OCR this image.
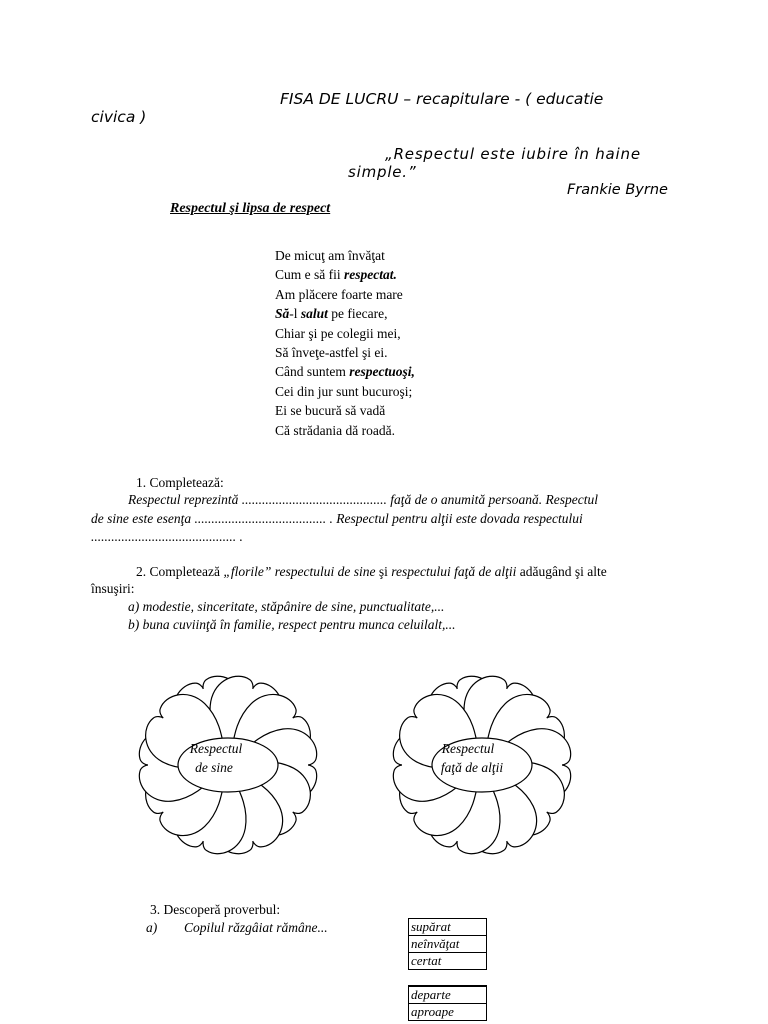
FISA DE LUCRU – recapitulare - ( educatie
civica )
„Respectul este iubire în haine
simple.”
Frankie Byrne
Respectul şi lipsa de respect
De micuţ am învăţat
Cum e să fii respectat.
Am plăcere foarte mare
Să-l salut pe fiecare,
Chiar şi pe colegii mei,
Să înveţe-astfel şi ei.
Când suntem respectuoşi,
Cei din jur sunt bucuroşi;
Ei se bucură să vadă
Că strădania dă roadă.
1. Completează:
Respectul reprezintă ........................................... faţă de o anumită persoană. Respectul
de sine este esenţa ....................................... . Respectul pentru alţii este dovada respectului
........................................... .
2. Completează „florile” respectului de sine şi respectului faţă de alţii adăugând şi alte
însuşiri:
a) modestie, sinceritate, stăpânire de sine, punctualitate,...
b) buna cuviinţă în familie, respect pentru munca celuilalt,...
Respectul
de sine
Respectul
faţă de alţii
3. Descoperă proverbul:
a) Copilul răzgâiat rămâne...	supărat
neînvăţat
certat
departe
aproape
